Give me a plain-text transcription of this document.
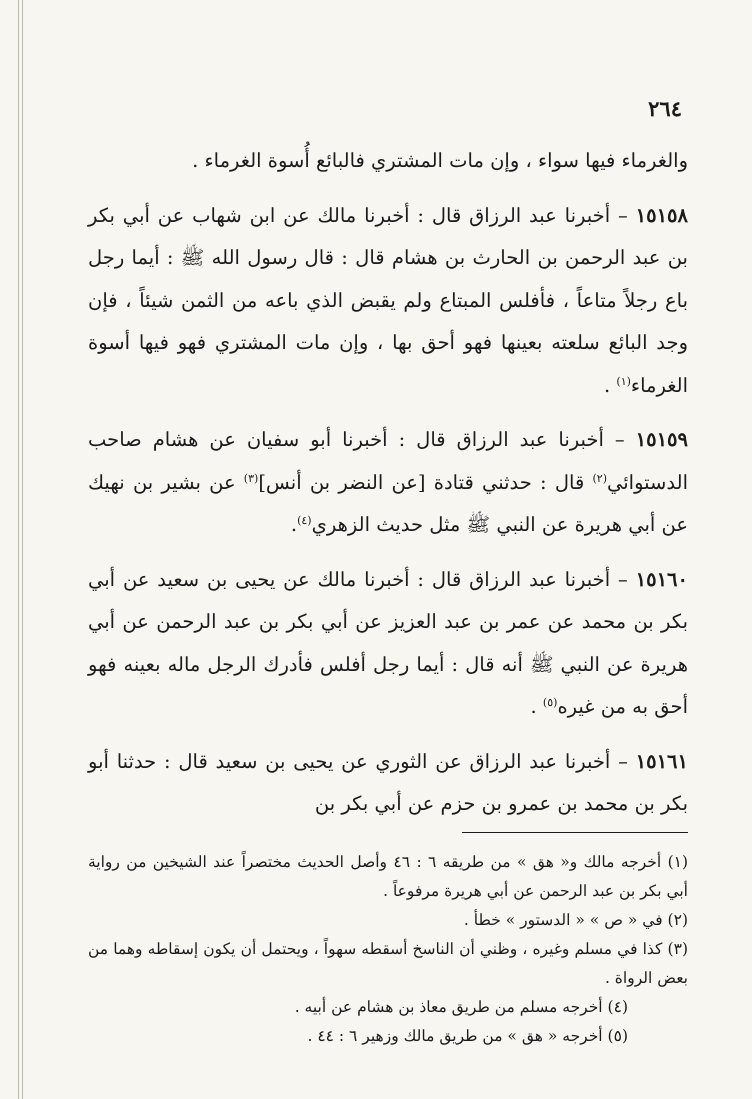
٢٦٤

والغرماء فيها سواء ، وإن مات المشتري فالبائع أُسوة الغرماء .

١٥١٥٨ – أخبرنا عبد الرزاق قال : أخبرنا مالك عن ابن شهاب عن أبي بكر بن عبد الرحمن بن الحارث بن هشام قال : قال رسول الله ﷺ : أيما رجل باع رجلاً متاعاً ، فأفلس المبتاع ولم يقبض الذي باعه من الثمن شيئاً ، فإن وجد البائع سلعته بعينها فهو أحق بها ، وإن مات المشتري فهو فيها أسوة الغرماء$^{(١)}$ .

١٥١٥٩ – أخبرنا عبد الرزاق قال : أخبرنا أبو سفيان عن هشام صاحب الدستوائي$^{(٢)}$ قال : حدثني قتادة [عن النضر بن أنس]$^{(٣)}$ عن بشير بن نهيك عن أبي هريرة عن النبي ﷺ مثل حديث الزهري$^{(٤)}$.

١٥١٦٠ – أخبرنا عبد الرزاق قال : أخبرنا مالك عن يحيى بن سعيد عن أبي بكر بن محمد عن عمر بن عبد العزيز عن أبي بكر بن عبد الرحمن عن أبي هريرة عن النبي ﷺ أنه قال : أيما رجل أفلس فأدرك الرجل ماله بعينه فهو أحق به من غيره$^{(٥)}$ .

١٥١٦١ – أخبرنا عبد الرزاق عن الثوري عن يحيى بن سعيد قال : حدثنا أبو بكر بن محمد بن عمرو بن حزم عن أبي بكر بن

(١) أخرجه مالك و« هق » من طريقه ٦ : ٤٦ وأصل الحديث مختصراً عند الشيخين من رواية أبي بكر بن عبد الرحمن عن أبي هريرة مرفوعاً .

(٢) في « ص » « الدستور » خطأ .

(٣) كذا في مسلم وغيره ، وظني أن الناسخ أسقطه سهواً ، ويحتمل أن يكون إسقاطه وهما من بعض الرواة .

(٤) أخرجه مسلم من طريق معاذ بن هشام عن أبيه .

(٥) أخرجه « هق » من طريق مالك وزهير ٦ : ٤٤ .
